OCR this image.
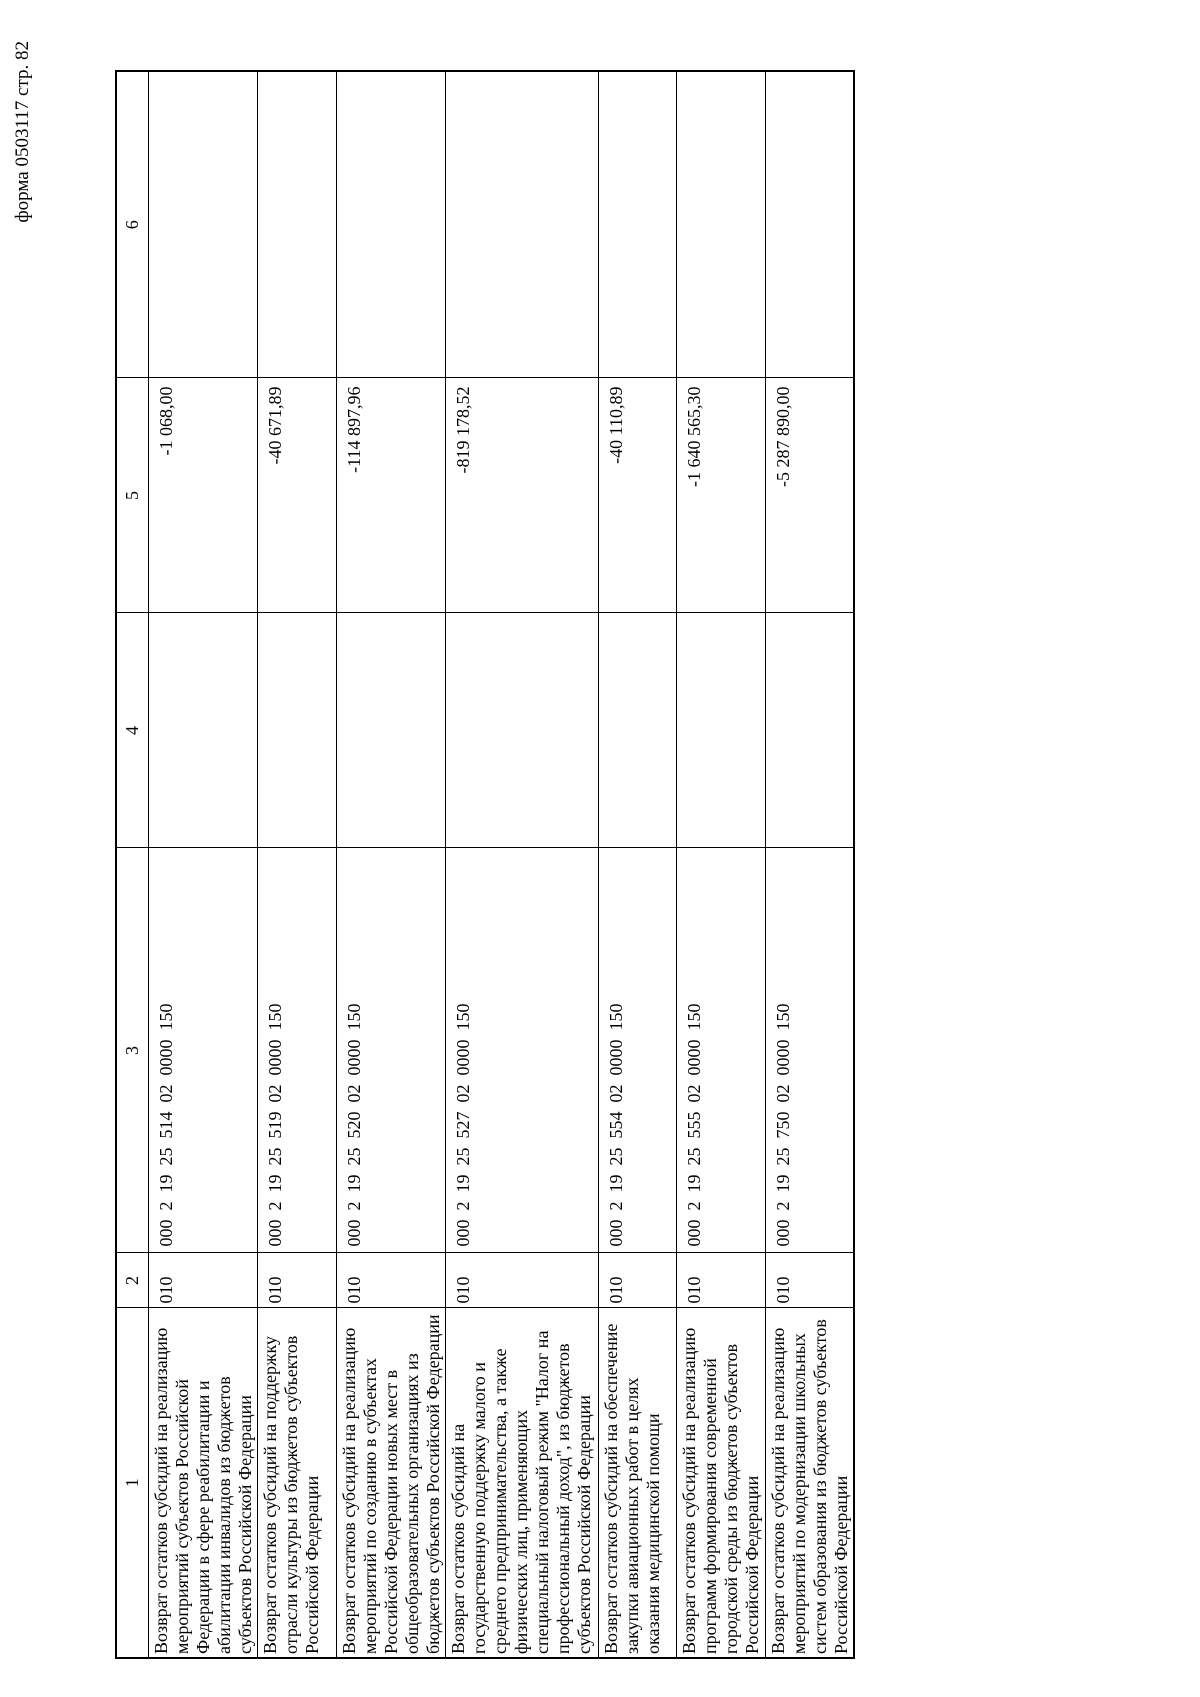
форма 0503117 стр. 82
1	2	3	4	5	6
Возврат остатков субсидий на реализацию мероприятий субъектов Российской Федерации в сфере реабилитации и абилитации инвалидов из бюджетов субъектов Российской Федерации	010	000  2  19  25  514  02  0000  150		-1 068,00	
Возврат остатков субсидий на поддержку отрасли культуры из бюджетов субъектов Российской Федерации	010	000  2  19  25  519  02  0000  150		-40 671,89	
Возврат остатков субсидий на реализацию мероприятий по созданию в субъектах Российской Федерации новых мест в общеобразовательных организациях из бюджетов субъектов Российской Федерации	010	000  2  19  25  520  02  0000  150		-114 897,96	
Возврат остатков субсидий на государственную поддержку малого и среднего предпринимательства, а также физических лиц, применяющих специальный налоговый режим "Налог на профессиональный доход", из бюджетов субъектов Российской Федерации	010	000  2  19  25  527  02  0000  150		-819 178,52	
Возврат остатков субсидий на обеспечение закупки авиационных работ в целях оказания медицинской помощи	010	000  2  19  25  554  02  0000  150		-40 110,89	
Возврат остатков субсидий на реализацию программ формирования современной городской среды из бюджетов субъектов Российской Федерации	010	000  2  19  25  555  02  0000  150		-1 640 565,30	
Возврат остатков субсидий на реализацию мероприятий по модернизации школьных систем образования из бюджетов субъектов Российской Федерации	010	000  2  19  25  750  02  0000  150		-5 287 890,00	
